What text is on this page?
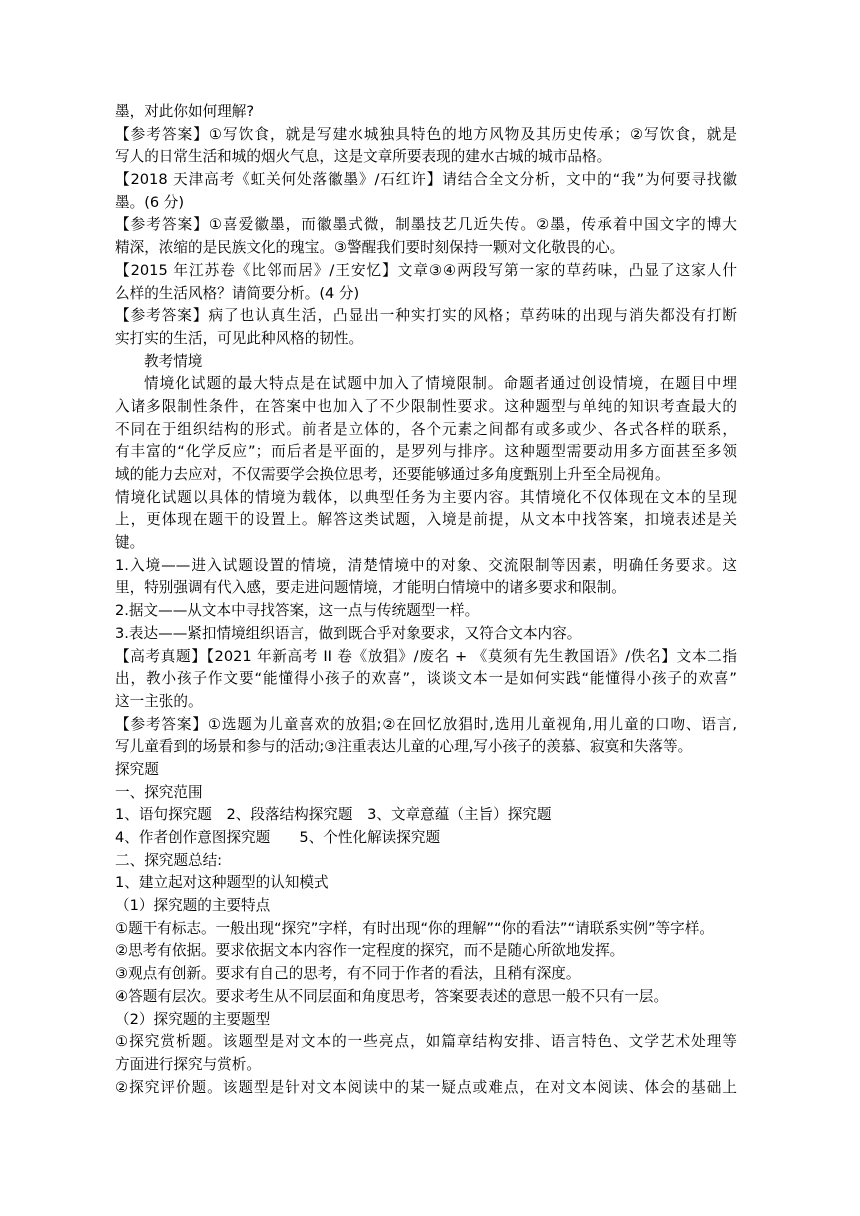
墨，对此你如何理解?
【参考答案】①写饮食，就是写建水城独具特色的地方风物及其历史传承；②写饮食，就是
写人的日常生活和城的烟火气息，这是文章所要表现的建水古城的城市品格。
【2018 天津高考《虹关何处落徽墨》/石红许】请结合全文分析，文中的“我”为何要寻找徽
墨。(6 分)
【参考答案】①喜爱徽墨，而徽墨式微，制墨技艺几近失传。②墨，传承着中国文字的博大
精深，浓缩的是民族文化的瑰宝。③警醒我们要时刻保持一颗对文化敬畏的心。
【2015 年江苏卷《比邻而居》/王安忆】文章③④两段写第一家的草药味，凸显了这家人什
么样的生活风格？请简要分析。(4 分)
【参考答案】病了也认真生活，凸显出一种实打实的风格；草药味的出现与消失都没有打断
实打实的生活，可见此种风格的韧性。
教考情境
情境化试题的最大特点是在试题中加入了情境限制。命题者通过创设情境，在题目中埋
入诸多限制性条件，在答案中也加入了不少限制性要求。这种题型与单纯的知识考查最大的
不同在于组织结构的形式。前者是立体的，各个元素之间都有或多或少、各式各样的联系，
有丰富的“化学反应”；而后者是平面的，是罗列与排序。这种题型需要动用多方面甚至多领
域的能力去应对，不仅需要学会换位思考，还要能够通过多角度甄别上升至全局视角。
情境化试题以具体的情境为载体，以典型任务为主要内容。其情境化不仅体现在文本的呈现
上，更体现在题干的设置上。解答这类试题，入境是前提，从文本中找答案，扣境表述是关
键。
1.入境——进入试题设置的情境，清楚情境中的对象、交流限制等因素，明确任务要求。这
里，特别强调有代入感，要走进问题情境，才能明白情境中的诸多要求和限制。
2.据文——从文本中寻找答案，这一点与传统题型一样。
3.表达——紧扣情境组织语言，做到既合乎对象要求，又符合文本内容。
【高考真题】【2021 年新高考 II 卷《放猖》/废名 + 《莫须有先生教国语》/佚名】文本二指
出，教小孩子作文要“能懂得小孩子的欢喜”，谈谈文本一是如何实践“能懂得小孩子的欢喜”
这一主张的。
【参考答案】①选题为儿童喜欢的放猖;②在回忆放猖时,选用儿童视角,用儿童的口吻、语言,
写儿童看到的场景和参与的活动;③注重表达儿童的心理,写小孩子的羡慕、寂寞和失落等。
探究题
一、探究范围
1、语句探究题　2、段落结构探究题　3、文章意蕴（主旨）探究题
4、作者创作意图探究题　　5、个性化解读探究题
二、探究题总结:
1、建立起对这种题型的认知模式
（1）探究题的主要特点
①题干有标志。一般出现“探究”字样，有时出现“你的理解”“你的看法”“请联系实例”等字样。
②思考有依据。要求依据文本内容作一定程度的探究，而不是随心所欲地发挥。
③观点有创新。要求有自己的思考，有不同于作者的看法，且稍有深度。
④答题有层次。要求考生从不同层面和角度思考，答案要表述的意思一般不只有一层。
（2）探究题的主要题型
①探究赏析题。该题型是对文本的一些亮点，如篇章结构安排、语言特色、文学艺术处理等
方面进行探究与赏析。
②探究评价题。该题型是针对文本阅读中的某一疑点或难点，在对文本阅读、体会的基础上
